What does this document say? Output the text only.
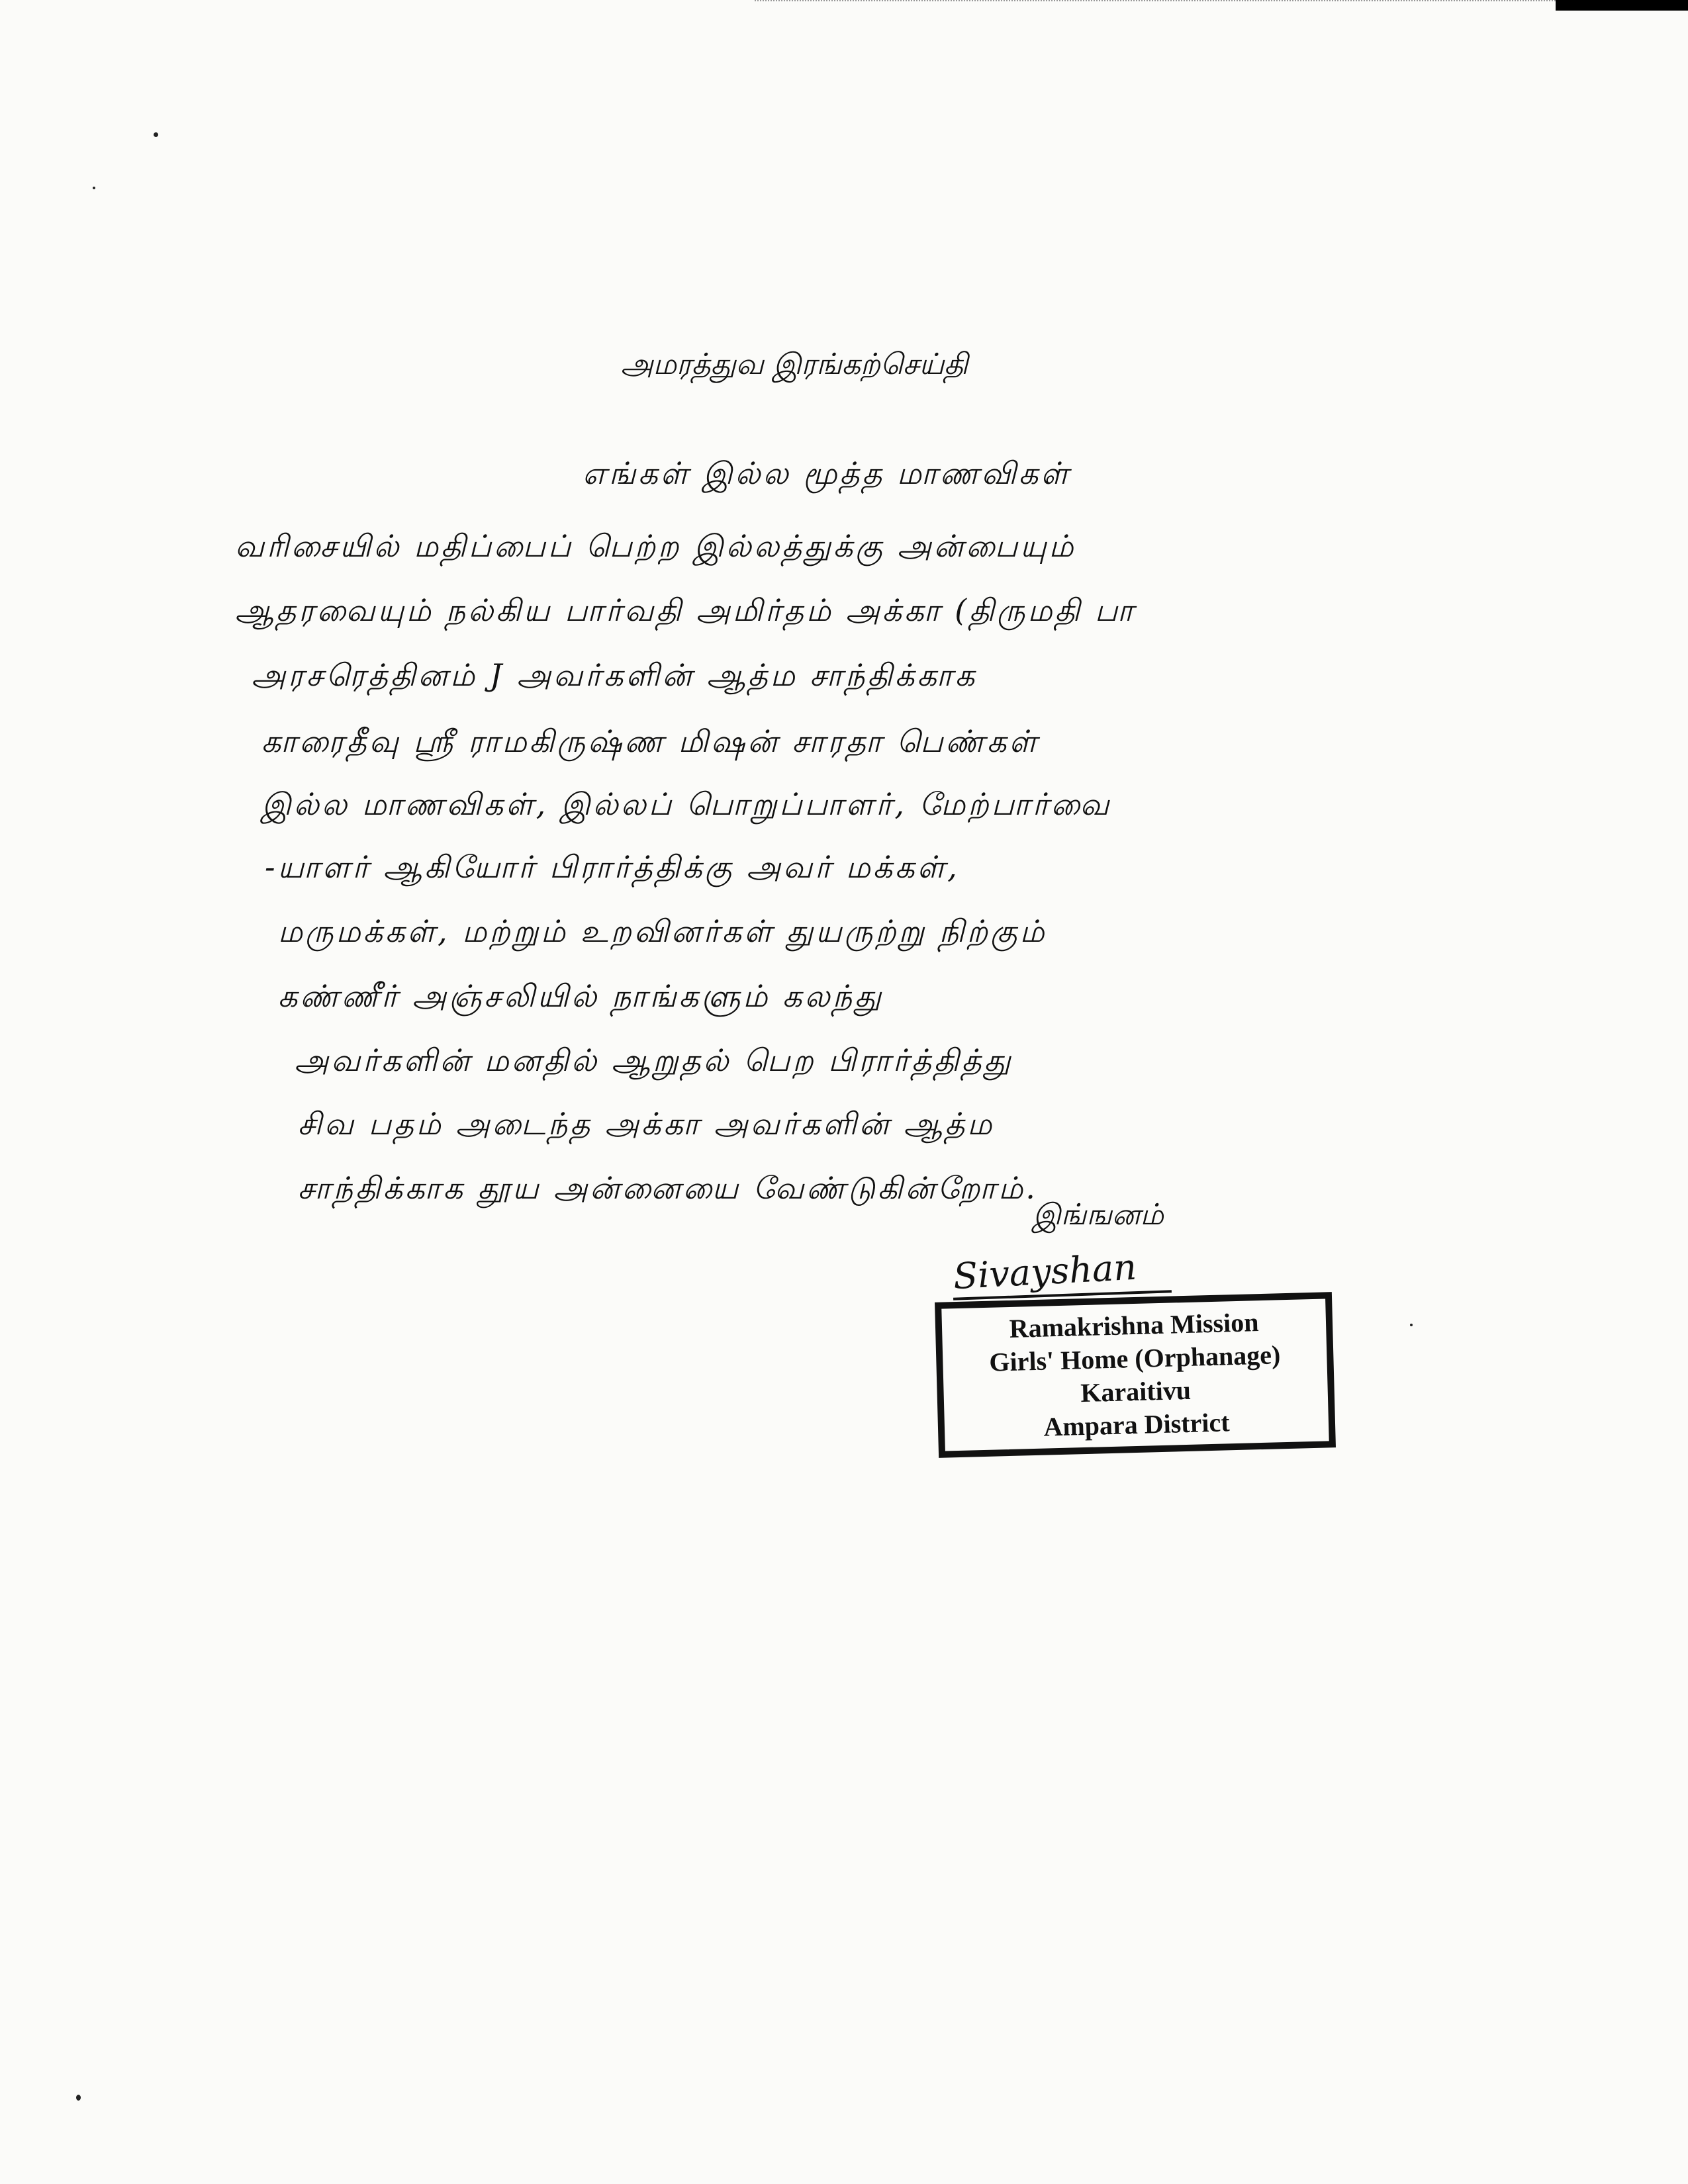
அமரத்துவ இரங்கற்செய்தி
எங்கள் இல்ல மூத்த மாணவிகள்
வரிசையில் மதிப்பைப் பெற்ற இல்லத்துக்கு அன்பையும்
ஆதரவையும் நல்கிய பார்வதி அமிர்தம் அக்கா (திருமதி பா
அரசரெத்தினம் J அவர்களின் ஆத்ம சாந்திக்காக
காரைதீவு ஸ்ரீ ராமகிருஷ்ண மிஷன் சாரதா பெண்கள்
இல்ல மாணவிகள், இல்லப் பொறுப்பாளர், மேற்பார்வை
-யாளர் ஆகியோர் பிரார்த்திக்கு அவர் மக்கள்,
மருமக்கள், மற்றும் உறவினர்கள் துயருற்று நிற்கும்
கண்ணீர் அஞ்சலியில் நாங்களும் கலந்து
அவர்களின் மனதில் ஆறுதல் பெற பிரார்த்தித்து
சிவ பதம் அடைந்த அக்கா அவர்களின் ஆத்ம
சாந்திக்காக தூய அன்னையை வேண்டுகின்றோம்.
இங்ஙனம்
Sivayshan
Ramakrishna Mission
Girls' Home (Orphanage)
Karaitivu
Ampara District
